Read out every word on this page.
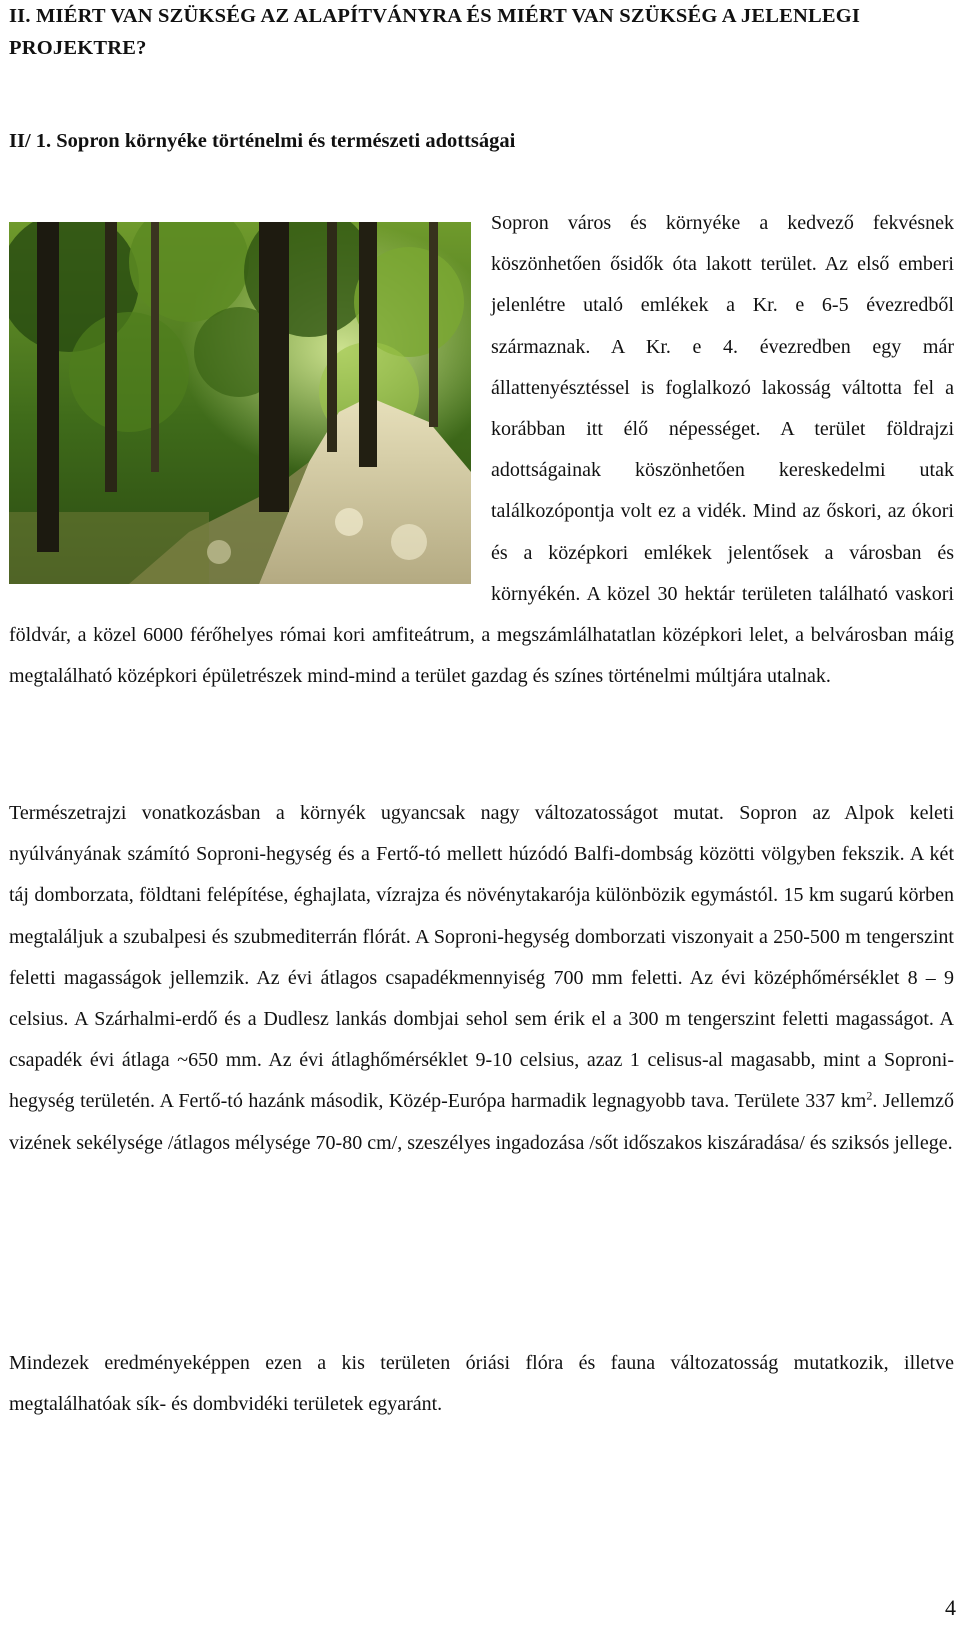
II. MIÉRT VAN SZÜKSÉG AZ ALAPÍTVÁNYRA ÉS MIÉRT VAN SZÜKSÉG A JELENLEGI PROJEKTRE?
II/ 1. Sopron környéke történelmi és természeti adottságai

Sopron város és környéke a kedvező fekvésnek köszönhetően ősidők óta lakott terület. Az első emberi jelenlétre utaló emlékek a Kr. e 6-5 évezredből származnak. A Kr. e 4. évezredben egy már állattenyésztéssel is foglalkozó lakosság váltotta fel a korábban itt élő népességet. A terület földrajzi adottságainak köszönhetően kereskedelmi utak találkozópontja volt ez a vidék. Mind az őskori, az ókori és a középkori emlékek jelentősek a városban és környékén. A közel 30 hektár területen található vaskori földvár, a közel 6000 férőhelyes római kori amfiteátrum, a megszámlálhatatlan középkori lelet, a belvárosban máig megtalálható középkori épületrészek mind-mind a terület gazdag és színes történelmi múltjára utalnak.

Természetrajzi vonatkozásban a környék ugyancsak nagy változatosságot mutat. Sopron az Alpok keleti nyúlványának számító Soproni-hegység és a Fertő-tó mellett húzódó Balfi-dombság közötti völgyben fekszik. A két táj domborzata, földtani felépítése, éghajlata, vízrajza és növénytakarója különbözik egymástól. 15 km sugarú körben megtaláljuk a szubalpesi és szubmediterrán flórát. A Soproni-hegység domborzati viszonyait a 250-500 m tengerszint feletti magasságok jellemzik. Az évi átlagos csapadékmennyiség 700 mm feletti. Az évi középhőmérséklet 8 – 9 celsius. A Szárhalmi-erdő és a Dudlesz lankás dombjai sehol sem érik el a 300 m tengerszint feletti magasságot. A csapadék évi átlaga ~650 mm. Az évi átlaghőmérséklet 9-10 celsius, azaz 1 celisus-al magasabb, mint a Soproni-hegység területén. A Fertő-tó hazánk második, Közép-Európa harmadik legnagyobb tava. Területe 337 $km^2$. Jellemző vizének sekélysége /átlagos mélysége 70-80 cm/, szeszélyes ingadozása /sőt időszakos kiszáradása/ és sziksós jellege.

Mindezek eredményeképpen ezen a kis területen óriási flóra és fauna változatosság mutatkozik, illetve megtalálhatóak sík- és dombvidéki területek egyaránt.

4
